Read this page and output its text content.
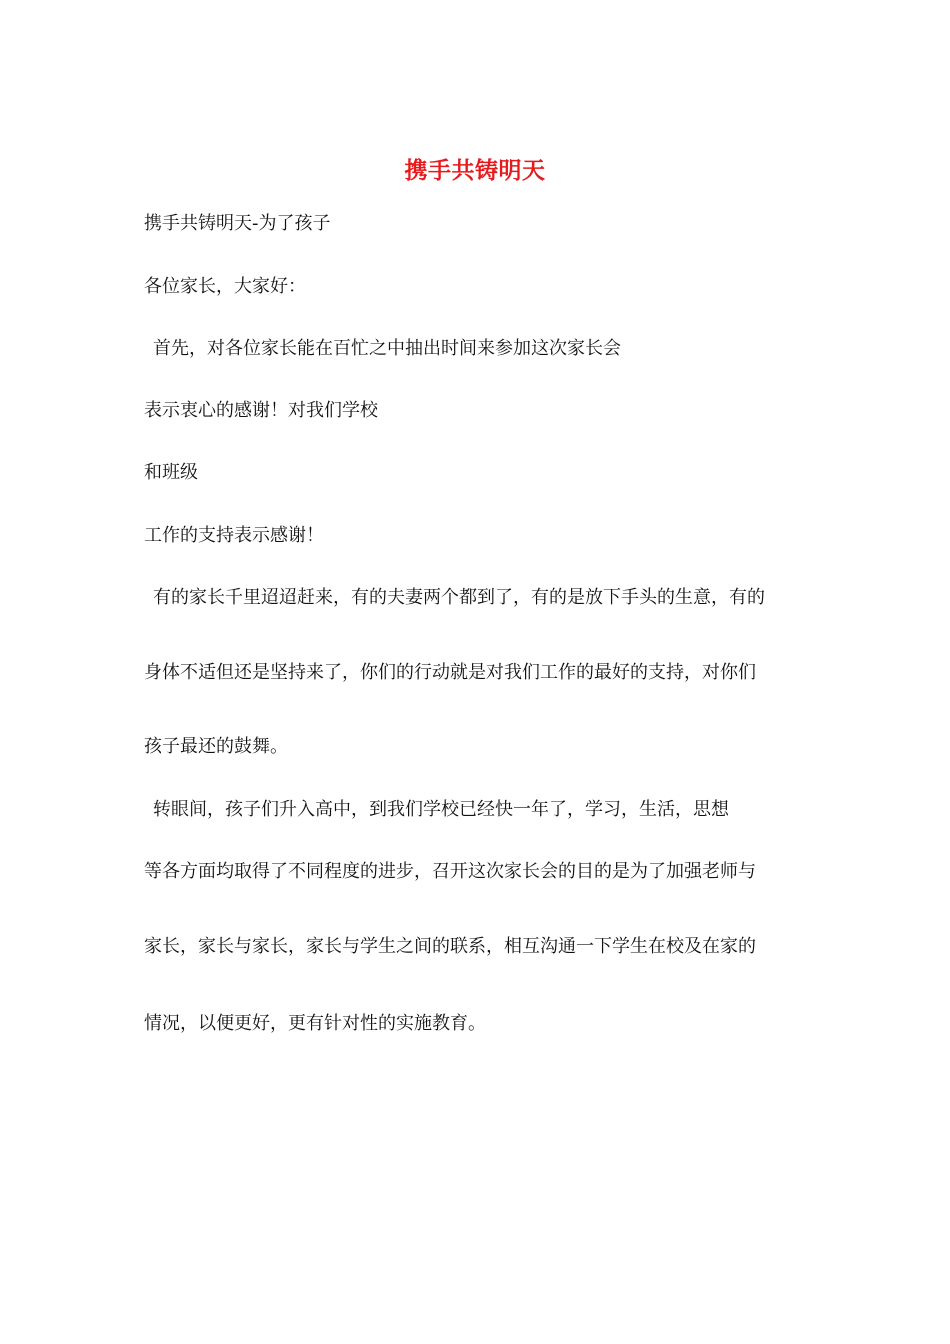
携手共铸明天
携手共铸明天-为了孩子
各位家长，大家好：
首先，对各位家长能在百忙之中抽出时间来参加这次家长会
表示衷心的感谢！对我们学校
和班级
工作的支持表示感谢！
有的家长千里迢迢赶来，有的夫妻两个都到了，有的是放下手头的生意，有的
身体不适但还是坚持来了，你们的行动就是对我们工作的最好的支持，对你们
孩子最还的鼓舞。
转眼间，孩子们升入高中，到我们学校已经快一年了，学习，生活，思想
等各方面均取得了不同程度的进步，召开这次家长会的目的是为了加强老师与
家长，家长与家长，家长与学生之间的联系，相互沟通一下学生在校及在家的
情况，以便更好，更有针对性的实施教育。
